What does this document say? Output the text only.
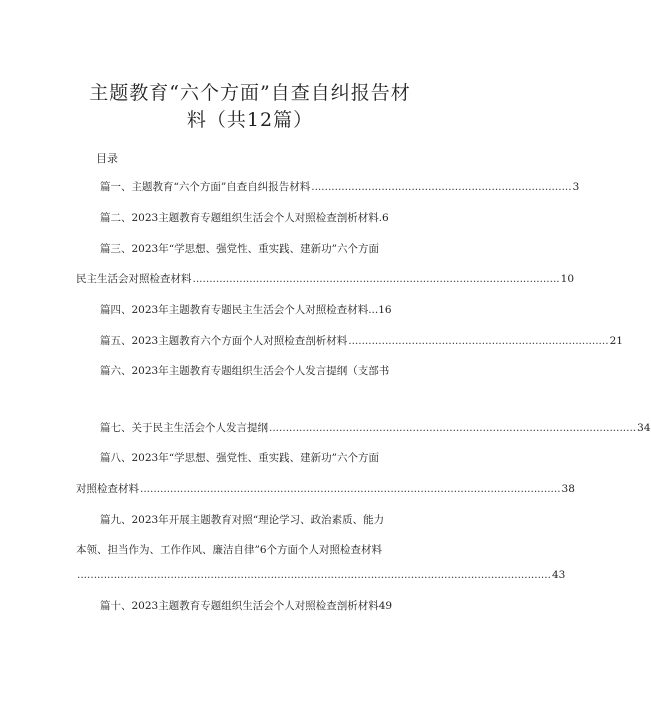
主题教育“六个方面”自查自纠报告材
料（共12篇）
目录
篇一、主题教育“六个方面”自查自纠报告材料 .............................................................................. 3
篇二、2023主题教育专题组织生活会个人对照检查剖析材料.6
篇三、2023年“学思想、强党性、重实践、建新功”六个方面
民主生活会对照检查材料 .............................................................................................................. 10
篇四、2023年主题教育专题民主生活会个人对照检查材料...16
篇五、2023主题教育六个方面个人对照检查剖析材料 .............................................................................. 21
篇六、2023年主题教育专题组织生活会个人发言提纲（支部书
篇七、关于民主生活会个人发言提纲 .............................................................................................................. 34
篇八、2023年“学思想、强党性、重实践、建新功”六个方面
对照检查材料 .............................................................................................................................. 38
篇九、2023年开展主题教育对照“理论学习、政治素质、能力
本领、担当作为、工作作风、廉洁自律”6个方面个人对照检查材料
.............................................................................................................................................. 43
篇十、2023主题教育专题组织生活会个人对照检查剖析材料49
